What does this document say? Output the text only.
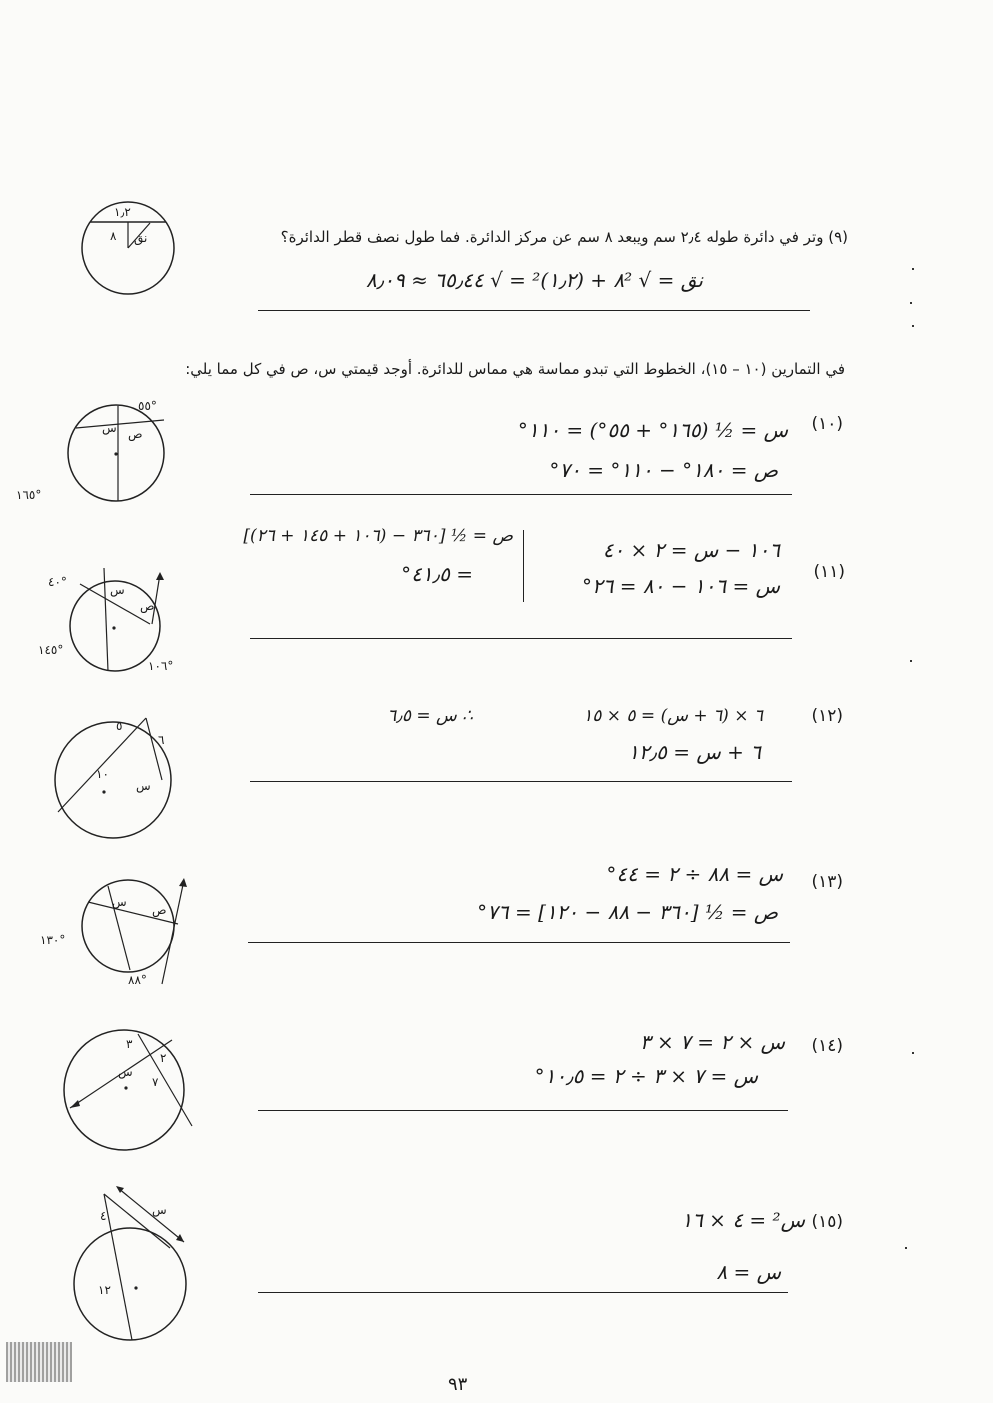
(٩) وتر في دائرة طوله ٢٫٤ سم ويبعد ٨ سم عن مركز الدائرة. فما طول نصف قطر الدائرة؟
نق = √ ٨² + (١٫٢)² = √ ٦٥٫٤٤ ≈ ٨٫٠٩
١٫٢
٨ نق
في التمارين (١٠ – ١٥)، الخطوط التي تبدو مماسة هي مماس للدائرة. أوجد قيمتي س، ص في كل مما يلي:
(١٠)
س = ½ (١٦٥° + ٥٥°) = ١١٠°
ص = ١٨٠° − ١١٠° = ٧٠°
٥٥°
ص
س
١٦٥°
(١١)
١٠٦ − س = ٢ × ٤٠
س = ١٠٦ − ٨٠ = ٢٦°
ص = ½ [٣٦٠ − (١٠٦ + ١٤٥ + ٢٦)]
= ٤١٫٥°
٤٠°
س
ص
١٤٥°
١٠٦°
(١٢)
٦ × (٦ + س) = ٥ × ١٥
∴ س = ٦٫٥
٦ + س = ١٢٫٥
٥
٦
١٠
س
(١٣)
س = ٨٨ ÷ ٢ = ٤٤°
ص = ½ [٣٦٠ − ٨٨ − ١٢٠] = ٧٦°
س
ص
١٣٠°
٨٨°
(١٤)
س × ٢ = ٧ × ٣
س = ٧ × ٣ ÷ ٢ = ١٠٫٥°
٣
٢
س
٧
(١٥)
س² = ٤ × ١٦
س = ٨
٤	س
١٢
٩٣
